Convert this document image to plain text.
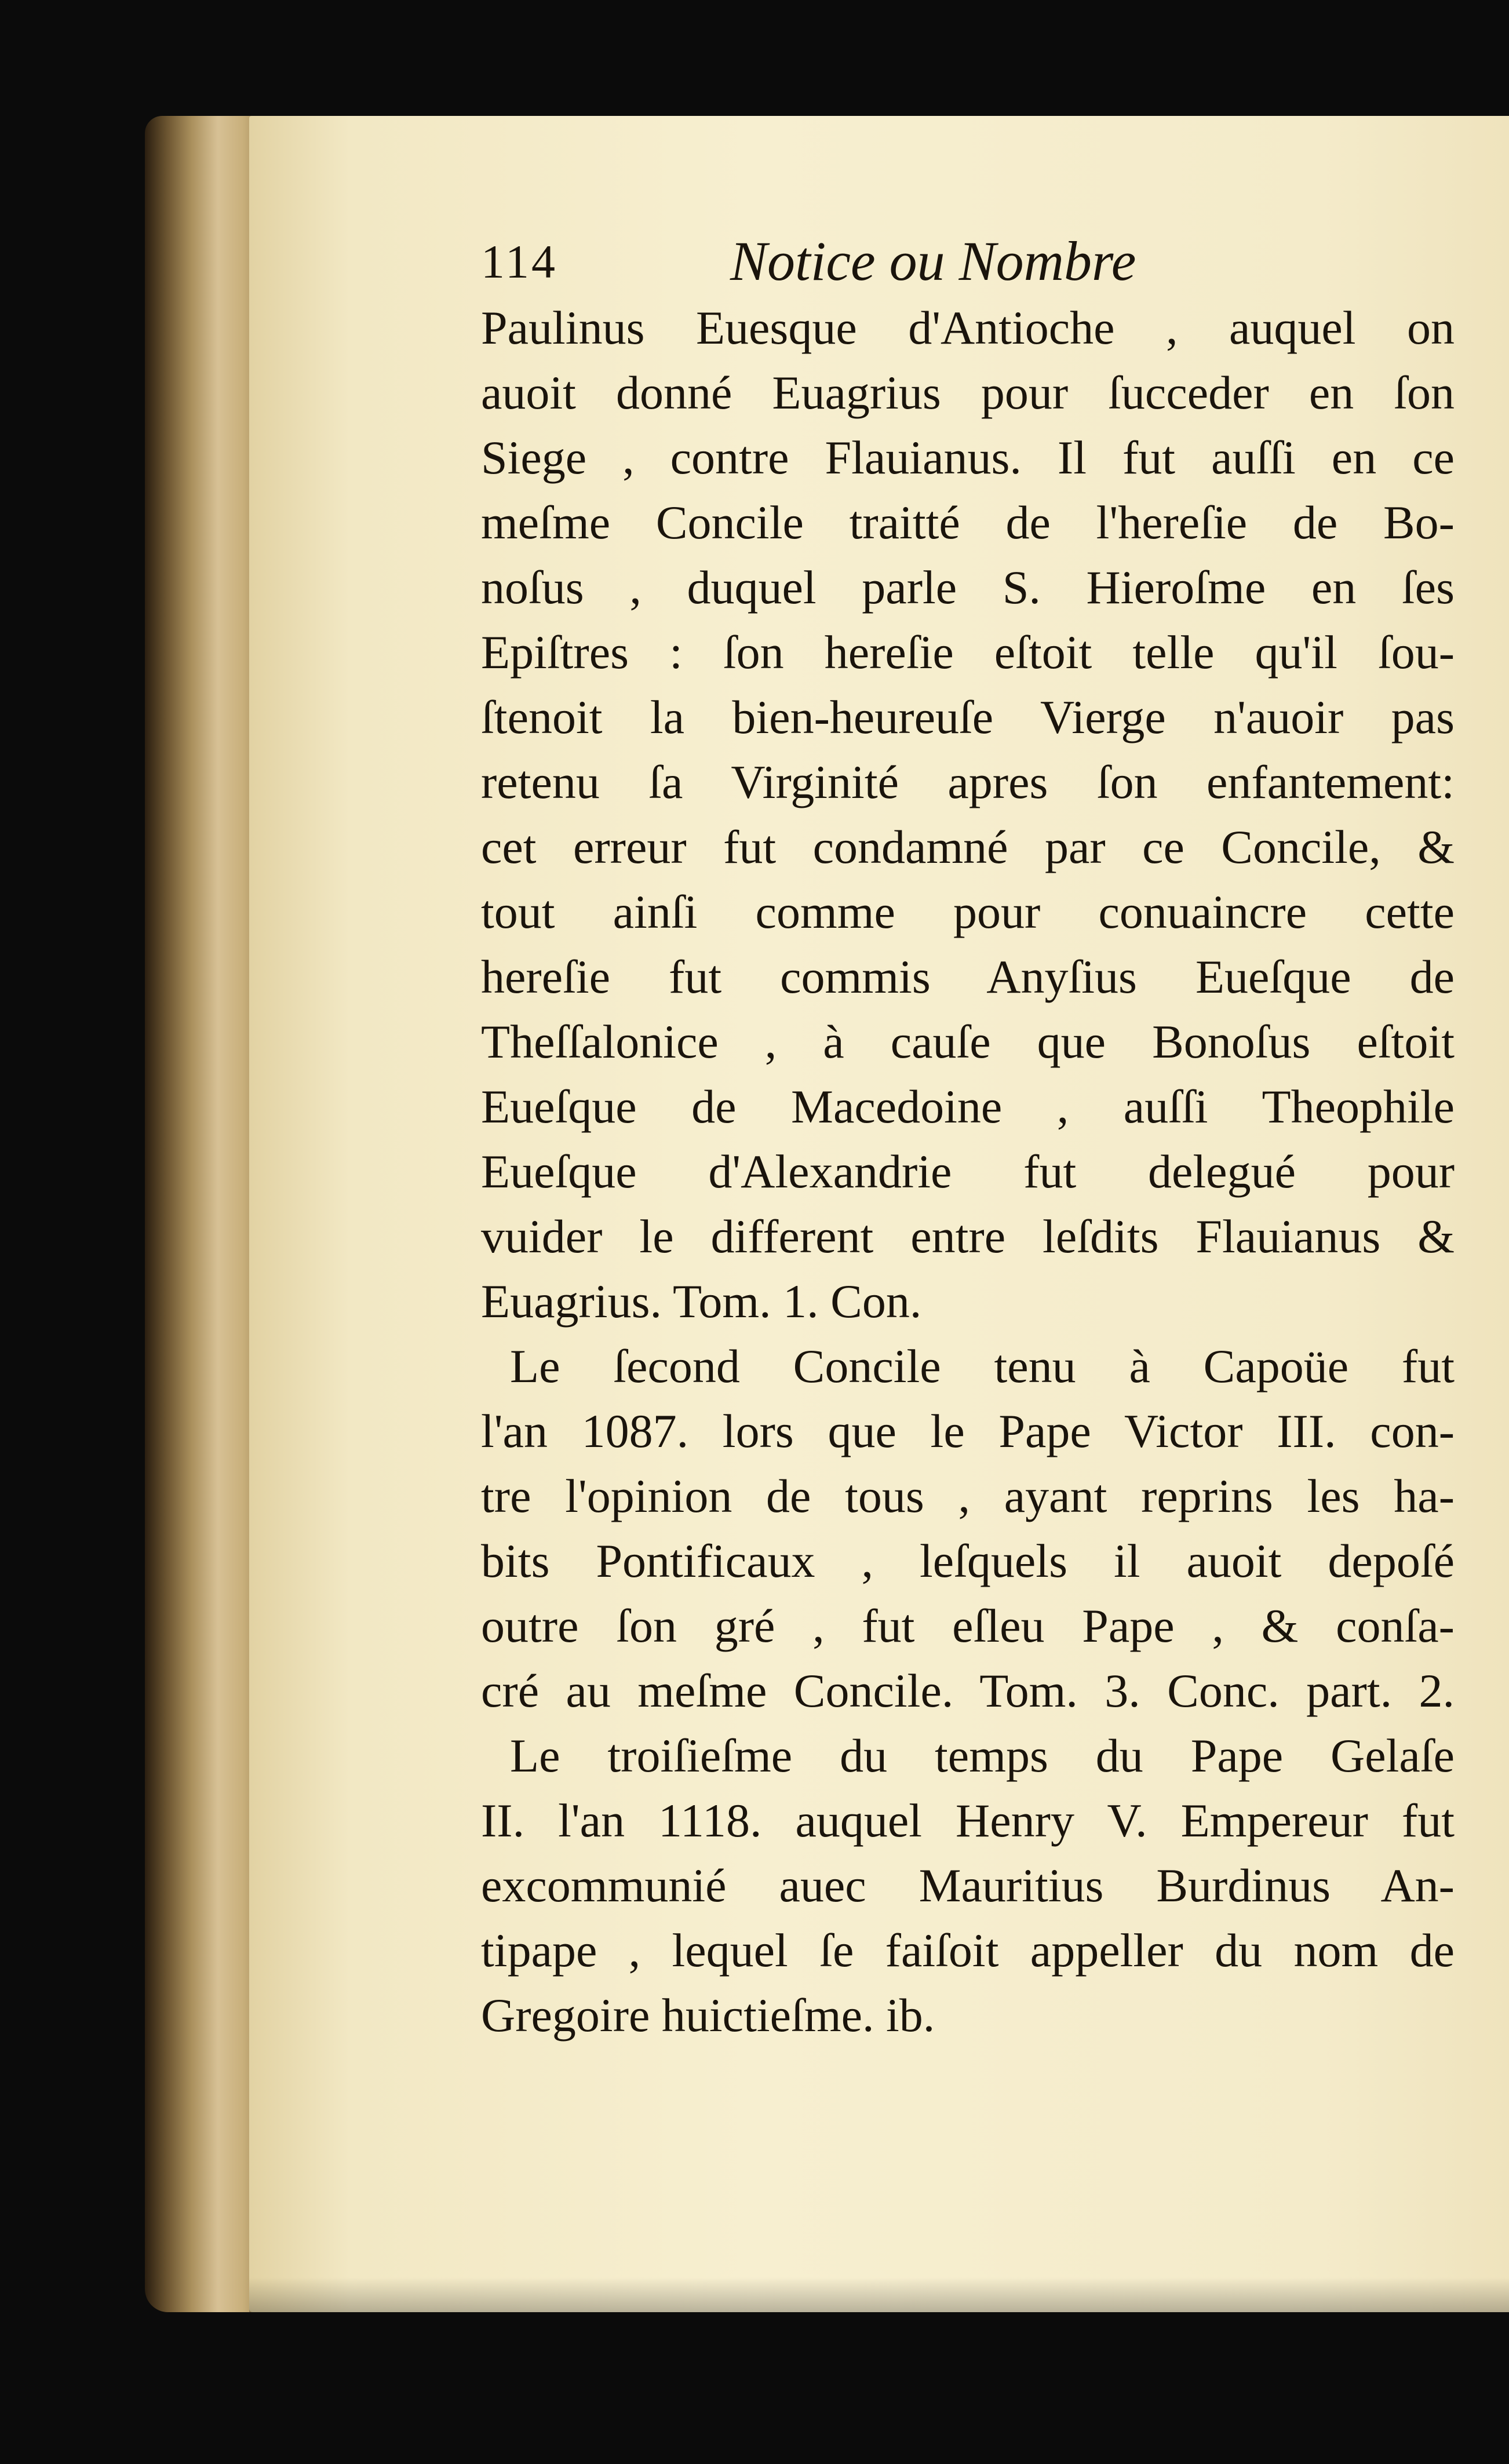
114	Notice ou Nombre
Paulinus Euesque d'Antioche , auquel on
auoit donné Euagrius pour ſucceder en ſon
Siege , contre Flauianus. Il fut auſſi en ce
meſme Concile traitté de l'hereſie de Bo-
noſus , duquel parle S. Hieroſme en ſes
Epiſtres : ſon hereſie eſtoit telle qu'il ſou-
ſtenoit la bien-heureuſe Vierge n'auoir pas
retenu ſa Virginité apres ſon enfantement:
cet erreur fut condamné par ce Concile, &
tout ainſi comme pour conuaincre cette
hereſie fut commis Anyſius Eueſque de
Theſſalonice , à cauſe que Bonoſus eſtoit
Eueſque de Macedoine , auſſi Theophile
Eueſque d'Alexandrie fut delegué pour
vuider le different entre leſdits Flauianus &
Euagrius. Tom. 1. Con.
Le ſecond Concile tenu à Capoüe fut
l'an 1087. lors que le Pape Victor III. con-
tre l'opinion de tous , ayant reprins les ha-
bits Pontificaux , leſquels il auoit depoſé
outre ſon gré , fut eſleu Pape , & conſa-
cré au meſme Concile. Tom. 3. Conc. part. 2.
Le troiſieſme du temps du Pape Gelaſe
II. l'an 1118. auquel Henry V. Empereur fut
excommunié auec Mauritius Burdinus An-
tipape , lequel ſe faiſoit appeller du nom de
Gregoire huictieſme. ib.
